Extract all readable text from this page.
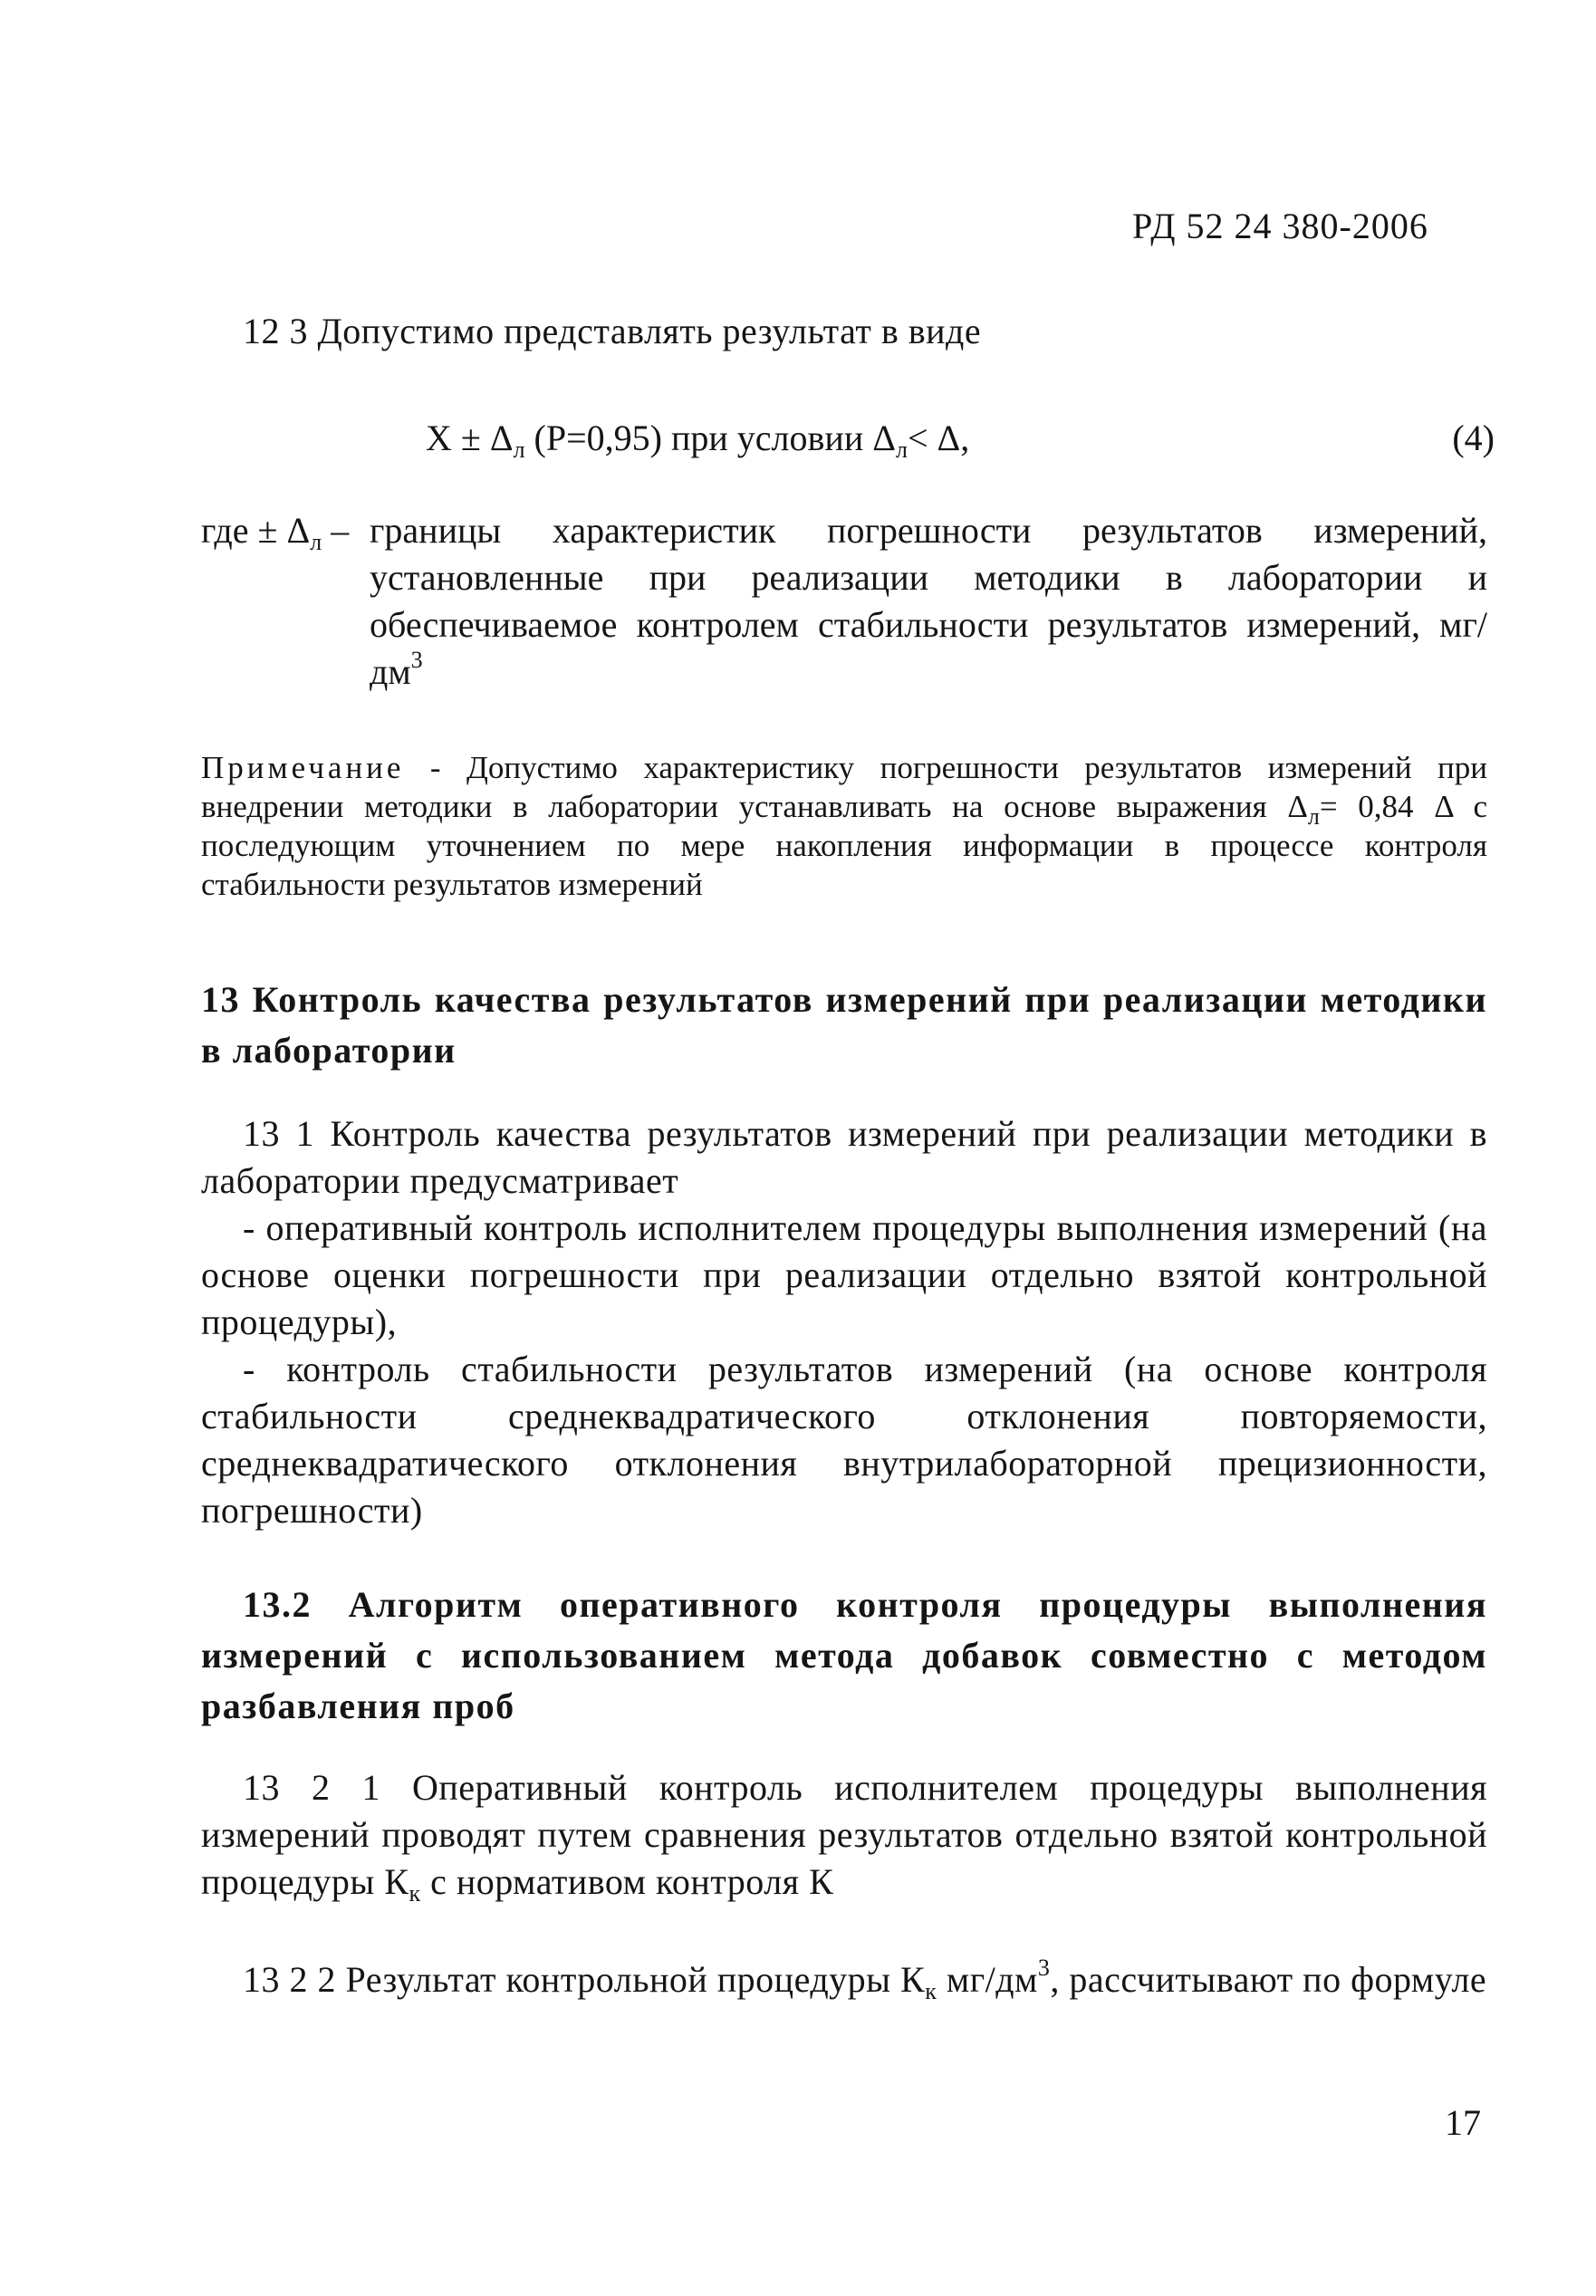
РД 52 24 380-2006

12 3 Допустимо представлять результат в виде

$X \pm \Delta_л$ (P=0,95) при условии $\Delta_л< \Delta$,	(4)
где ± $\Delta_л$ – границы характеристик погрешности результатов измерений, установленные при реализации методики в лаборатории и обеспечиваемое контролем стабильности результатов измерений, $мг/дм^3$

Примечание - Допустимо характеристику погрешности результатов измерений при внедрении методики в лаборатории устанавливать на основе выражения $\Delta_л= 0,84$ Δ с последующим уточнением по мере накопления информации в процессе контроля стабильности результатов измерений

13 Контроль качества результатов измерений при реализации методики в лаборатории

13 1 Контроль качества результатов измерений при реализации методики в лаборатории предусматривает

- оперативный контроль исполнителем процедуры выполнения измерений (на основе оценки погрешности при реализации отдельно взятой контрольной процедуры),

- контроль стабильности результатов измерений (на основе контроля стабильности среднеквадратического отклонения повторяемости, среднеквадратического отклонения внутрилабораторной прецизионности, погрешности)

13.2 Алгоритм оперативного контроля процедуры выполнения измерений с использованием метода добавок совместно с методом разбавления проб

13 2 1 Оперативный контроль исполнителем процедуры выполнения измерений проводят путем сравнения результатов отдельно взятой контрольной процедуры $К_к$ с нормативом контроля К

13 2 2 Результат контрольной процедуры $К_к$ $мг/дм^3$, рассчитывают по формуле

17
